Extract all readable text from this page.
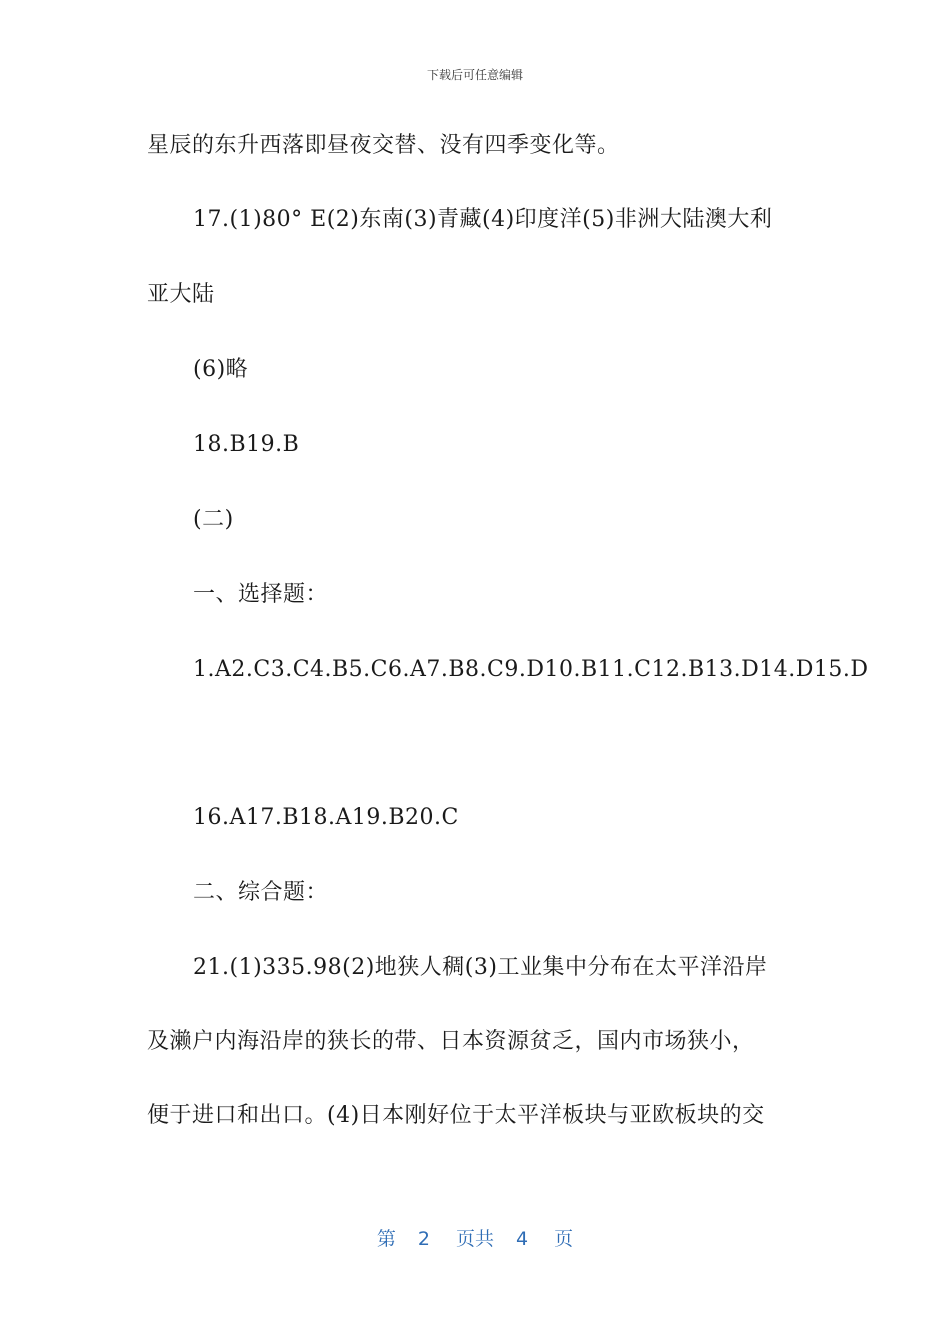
下载后可任意编辑
星辰的东升西落即昼夜交替、没有四季变化等。
17.(1)80° E(2)东南(3)青藏(4)印度洋(5)非洲大陆澳大利
亚大陆
(6)略
18.B19.B
(二)
一、选择题：
1.A2.C3.C4.B5.C6.A7.B8.C9.D10.B11.C12.B13.D14.D15.D
16.A17.B18.A19.B20.C
二、综合题：
21.(1)335.98(2)地狭人稠(3)工业集中分布在太平洋沿岸
及濑户内海沿岸的狭长的带、日本资源贫乏，国内市场狭小，
便于进口和出口。(4)日本刚好位于太平洋板块与亚欧板块的交
第 2 页共 4 页
